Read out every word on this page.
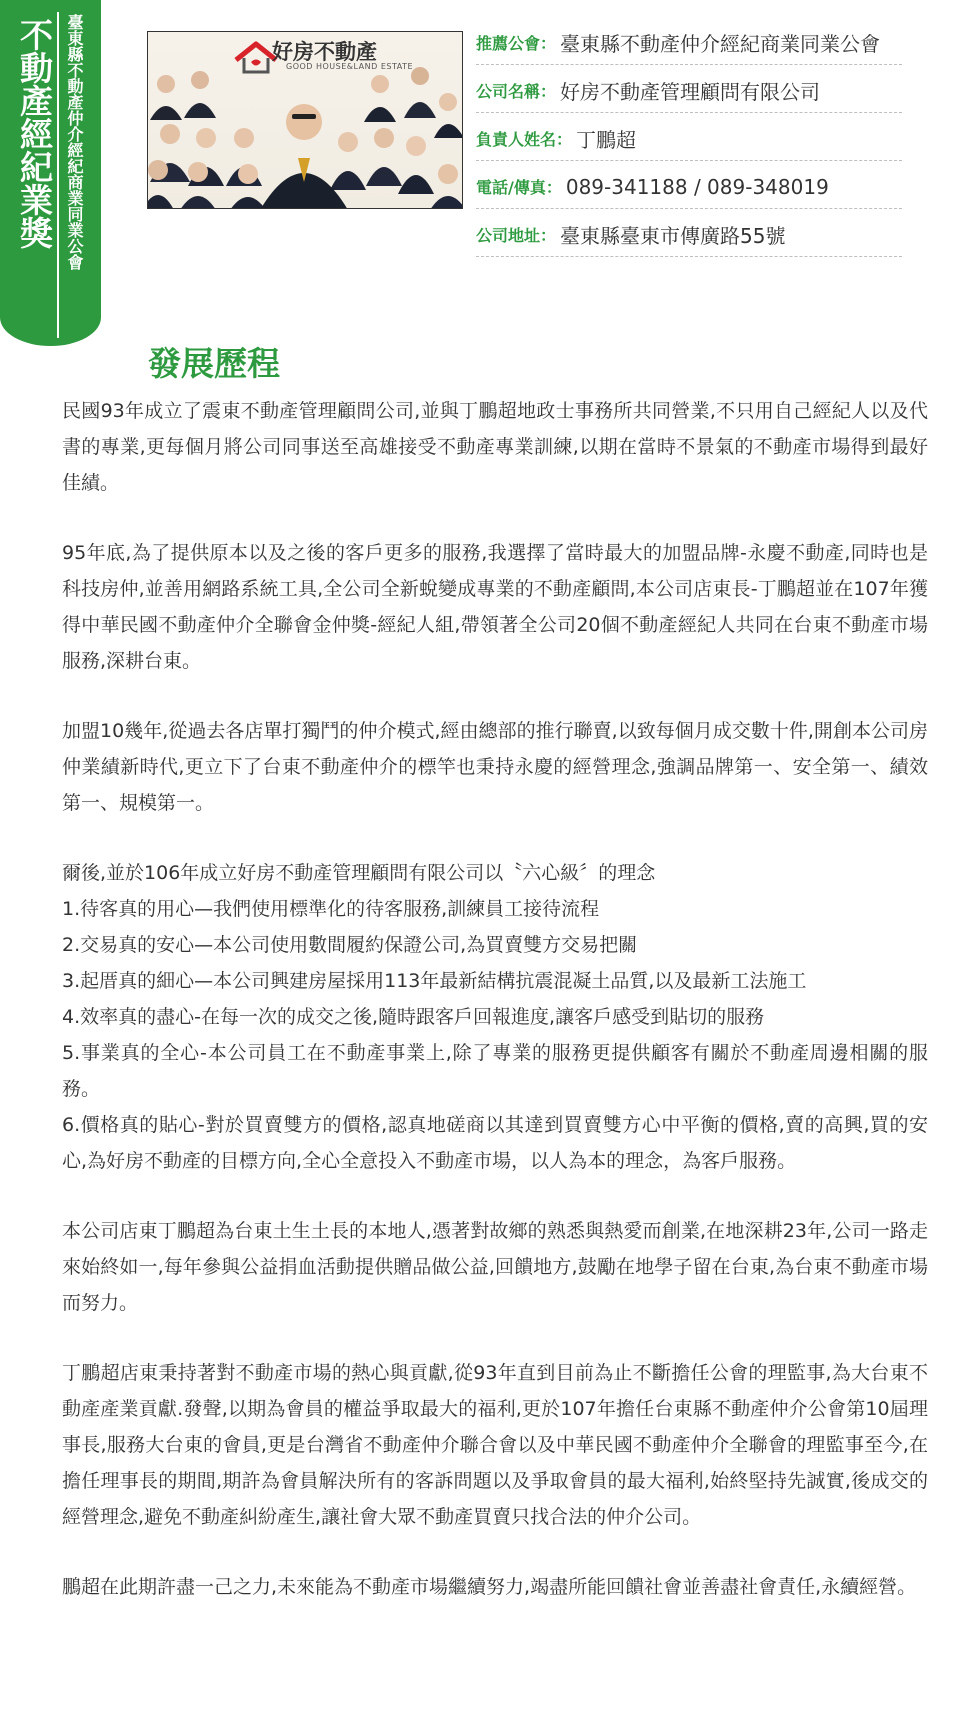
不動產經紀業獎 臺東縣不動產仲介經紀商業同業公會	好房不動產
GOOD HOUSE&LAND ESTATE
推薦公會： 臺東縣不動產仲介經紀商業同業公會
公司名稱： 好房不動產管理顧問有限公司
負責人姓名： 丁鵬超
電話/傳真： 089-341188 / 089-348019
公司地址： 臺東縣臺東市傳廣路55號
發展歷程

民國93年成立了震東不動產管理顧問公司,並與丁鵬超地政士事務所共同營業,不只用自己經紀人以及代書的專業,更每個月將公司同事送至高雄接受不動產專業訓練,以期在當時不景氣的不動產市場得到最好佳績。

95年底,為了提供原本以及之後的客戶更多的服務,我選擇了當時最大的加盟品牌-永慶不動產,同時也是科技房仲,並善用網路系統工具,全公司全新蛻變成專業的不動產顧問,本公司店東長-丁鵬超並在107年獲得中華民國不動產仲介全聯會金仲獎-經紀人組,帶領著全公司20個不動產經紀人共同在台東不動產市場服務,深耕台東。

加盟10幾年,從過去各店單打獨鬥的仲介模式,經由總部的推行聯賣,以致每個月成交數十件,開創本公司房仲業績新時代,更立下了台東不動產仲介的標竿也秉持永慶的經營理念,強調品牌第一、安全第一、績效第一、規模第一。

爾後,並於106年成立好房不動產管理顧問有限公司以〝六心級〞的理念
1.待客真的用心—我們使用標準化的待客服務,訓練員工接待流程
2.交易真的安心—本公司使用數間履約保證公司,為買賣雙方交易把關
3.起厝真的細心—本公司興建房屋採用113年最新結構抗震混凝土品質,以及最新工法施工
4.效率真的盡心-在每一次的成交之後,隨時跟客戶回報進度,讓客戶感受到貼切的服務
5.事業真的全心-本公司員工在不動產事業上,除了專業的服務更提供顧客有關於不動產周邊相關的服務。
6.價格真的貼心-對於買賣雙方的價格,認真地磋商以其達到買賣雙方心中平衡的價格,賣的高興,買的安心,為好房不動產的目標方向,全心全意投入不動產市場，以人為本的理念，為客戶服務。

本公司店東丁鵬超為台東土生土長的本地人,憑著對故鄉的熟悉與熱愛而創業,在地深耕23年,公司一路走來始終如一,每年參與公益捐血活動提供贈品做公益,回饋地方,鼓勵在地學子留在台東,為台東不動產市場而努力。

丁鵬超店東秉持著對不動產市場的熱心與貢獻,從93年直到目前為止不斷擔任公會的理監事,為大台東不動產產業貢獻.發聲,以期為會員的權益爭取最大的福利,更於107年擔任台東縣不動產仲介公會第10屆理事長,服務大台東的會員,更是台灣省不動產仲介聯合會以及中華民國不動產仲介全聯會的理監事至今,在擔任理事長的期間,期許為會員解決所有的客訴問題以及爭取會員的最大福利,始終堅持先誠實,後成交的經營理念,避免不動產糾紛產生,讓社會大眾不動產買賣只找合法的仲介公司。

鵬超在此期許盡一己之力,未來能為不動產市場繼續努力,竭盡所能回饋社會並善盡社會責任,永續經營。
